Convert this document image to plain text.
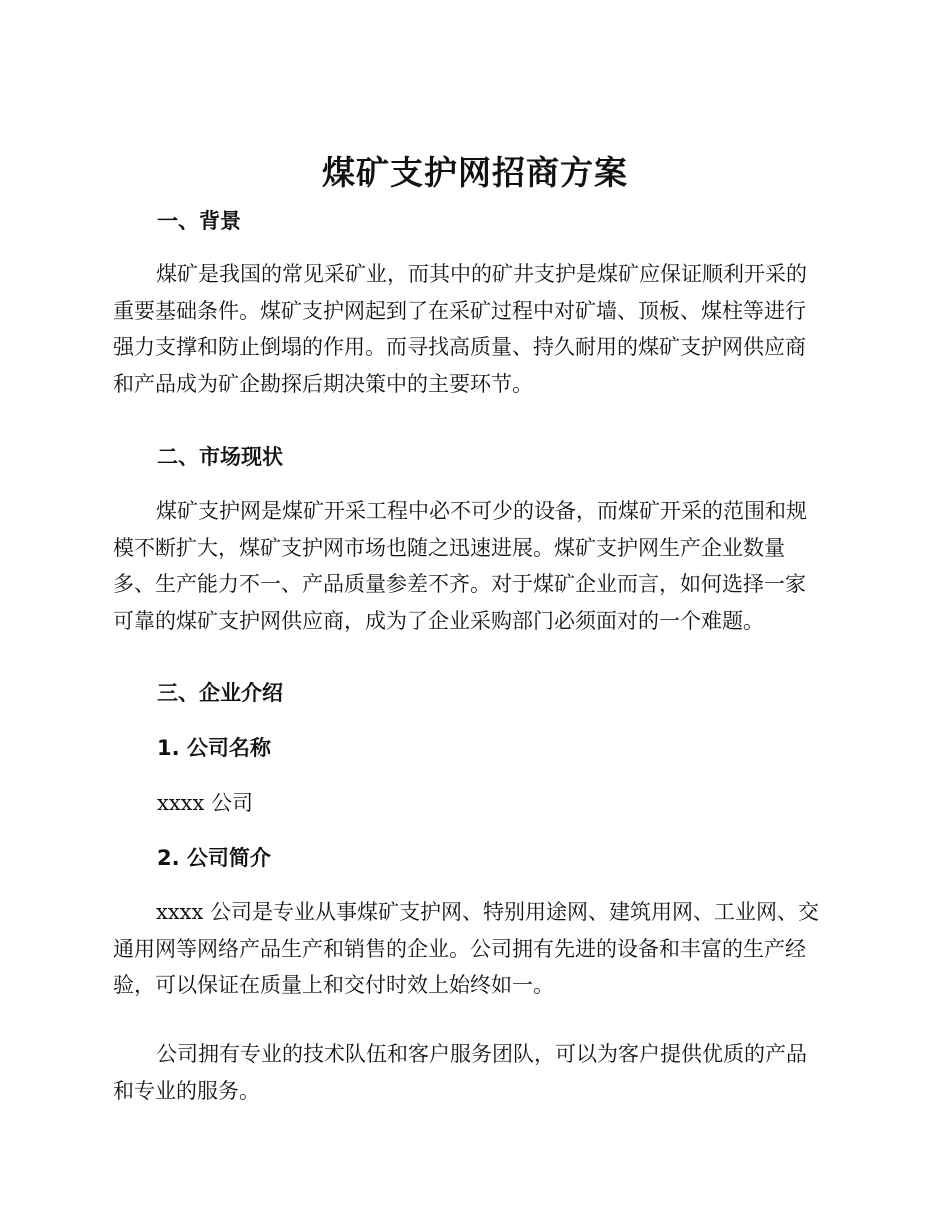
煤矿支护网招商方案
一、背景
煤矿是我国的常见采矿业，而其中的矿井支护是煤矿应保证顺利开采的
重要基础条件。煤矿支护网起到了在采矿过程中对矿墙、顶板、煤柱等进行
强力支撑和防止倒塌的作用。而寻找高质量、持久耐用的煤矿支护网供应商
和产品成为矿企勘探后期决策中的主要环节。
二、市场现状
煤矿支护网是煤矿开采工程中必不可少的设备，而煤矿开采的范围和规
模不断扩大，煤矿支护网市场也随之迅速进展。煤矿支护网生产企业数量
多、生产能力不一、产品质量参差不齐。对于煤矿企业而言，如何选择一家
可靠的煤矿支护网供应商，成为了企业采购部门必须面对的一个难题。
三、企业介绍
1. 公司名称
xxxx 公司
2. 公司简介
xxxx 公司是专业从事煤矿支护网、特别用途网、建筑用网、工业网、交
通用网等网络产品生产和销售的企业。公司拥有先进的设备和丰富的生产经
验，可以保证在质量上和交付时效上始终如一。
公司拥有专业的技术队伍和客户服务团队，可以为客户提供优质的产品
和专业的服务。
